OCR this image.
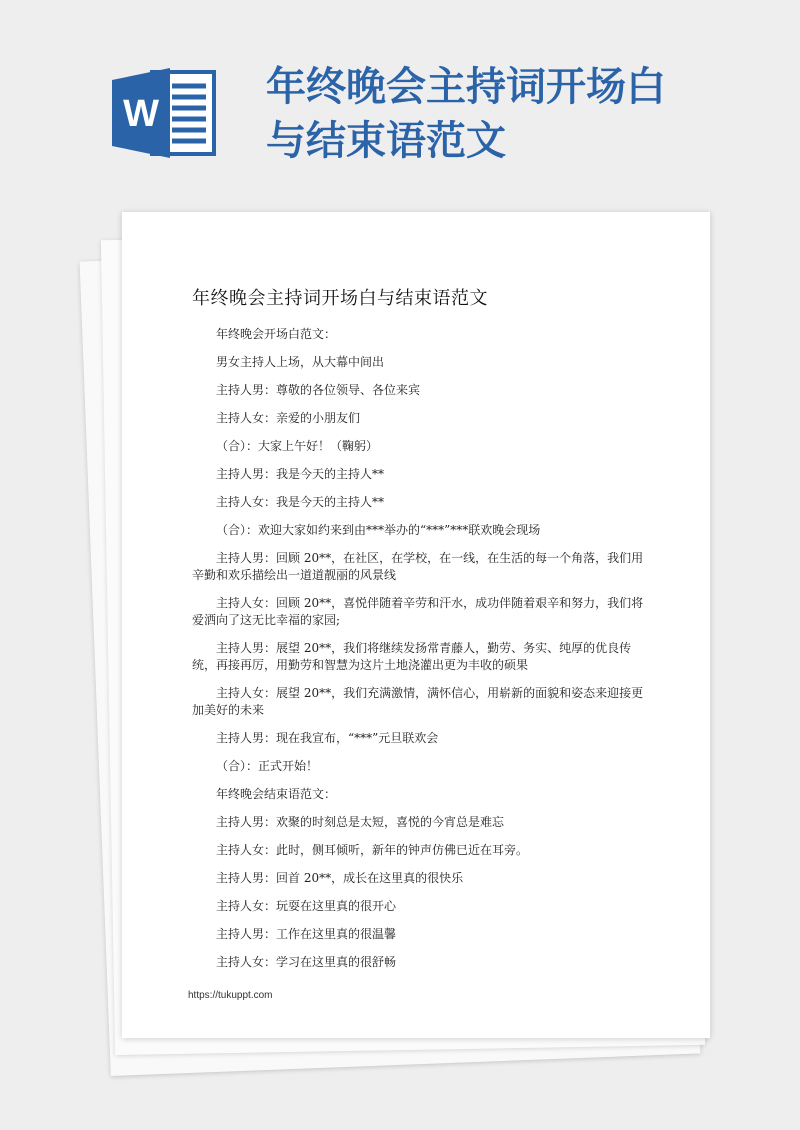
W
年终晚会主持词开场白
与结束语范文
年终晚会主持词开场白与结束语范文

年终晚会开场白范文：

男女主持人上场，从大幕中间出

主持人男：尊敬的各位领导、各位来宾

主持人女：亲爱的小朋友们

（合）：大家上午好！（鞠躬）

主持人男：我是今天的主持人**

主持人女：我是今天的主持人**

（合）：欢迎大家如约来到由***举办的“***”***联欢晚会现场

主持人男：回顾 20**，在社区，在学校，在一线，在生活的每一个角落，我们用辛勤和欢乐描绘出一道道靓丽的风景线

主持人女：回顾 20**，喜悦伴随着辛劳和汗水，成功伴随着艰辛和努力，我们将爱洒向了这无比幸福的家园;

主持人男：展望 20**，我们将继续发扬常青藤人，勤劳、务实、纯厚的优良传统，再接再厉，用勤劳和智慧为这片土地浇灌出更为丰收的硕果

主持人女：展望 20**，我们充满激情，满怀信心，用崭新的面貌和姿态来迎接更加美好的未来

主持人男：现在我宣布，“***”元旦联欢会

（合）：正式开始！

年终晚会结束语范文：

主持人男：欢聚的时刻总是太短，喜悦的今宵总是难忘

主持人女：此时，侧耳倾听，新年的钟声仿佛已近在耳旁。

主持人男：回首 20**，成长在这里真的很快乐

主持人女：玩耍在这里真的很开心

主持人男：工作在这里真的很温馨

主持人女：学习在这里真的很舒畅

https://tukuppt.com
